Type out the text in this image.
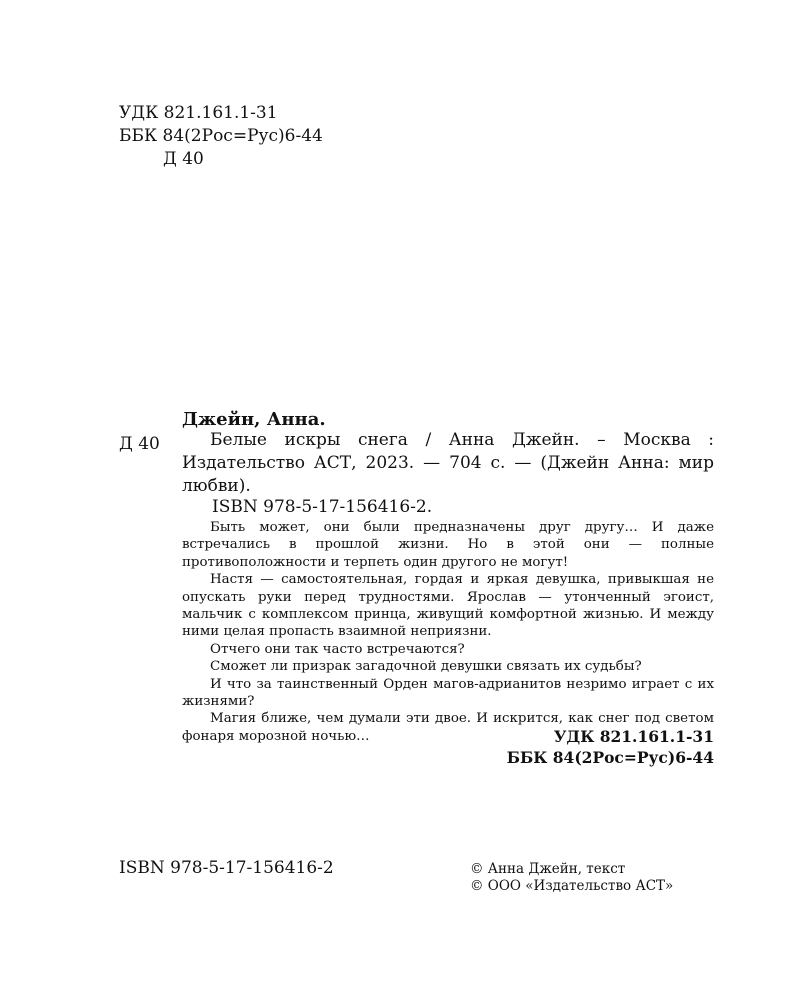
УДК 821.161.1-31
ББК 84(2Рос=Рус)6-44
Д 40
Джейн, Анна.
Д 40	Белые искры снега / Анна Джейн. – Москва : Издательство АСТ, 2023. — 704 с. — (Джейн Анна: мир любви).
ISBN 978-5-17-156416-2.

Быть может, они были предназначены друг другу… И даже встречались в прошлой жизни. Но в этой они — полные противоположности и терпеть один другого не могут!

Настя — самостоятельная, гордая и яркая девушка, привыкшая не опускать руки перед трудностями. Ярослав — утонченный эгоист, мальчик с комплексом принца, живущий комфортной жизнью. И между ними целая пропасть взаимной неприязни.

Отчего они так часто встречаются?

Сможет ли призрак загадочной девушки связать их судьбы?

И что за таинственный Орден магов-адрианитов незримо играет с их жизнями?

Магия ближе, чем думали эти двое. И искрится, как снег под светом фонаря морозной ночью…	УДК 821.161.1-31
ББК 84(2Рос=Рус)6-44
ISBN 978-5-17-156416-2	© Анна Джейн, текст
© ООО «Издательство АСТ»
